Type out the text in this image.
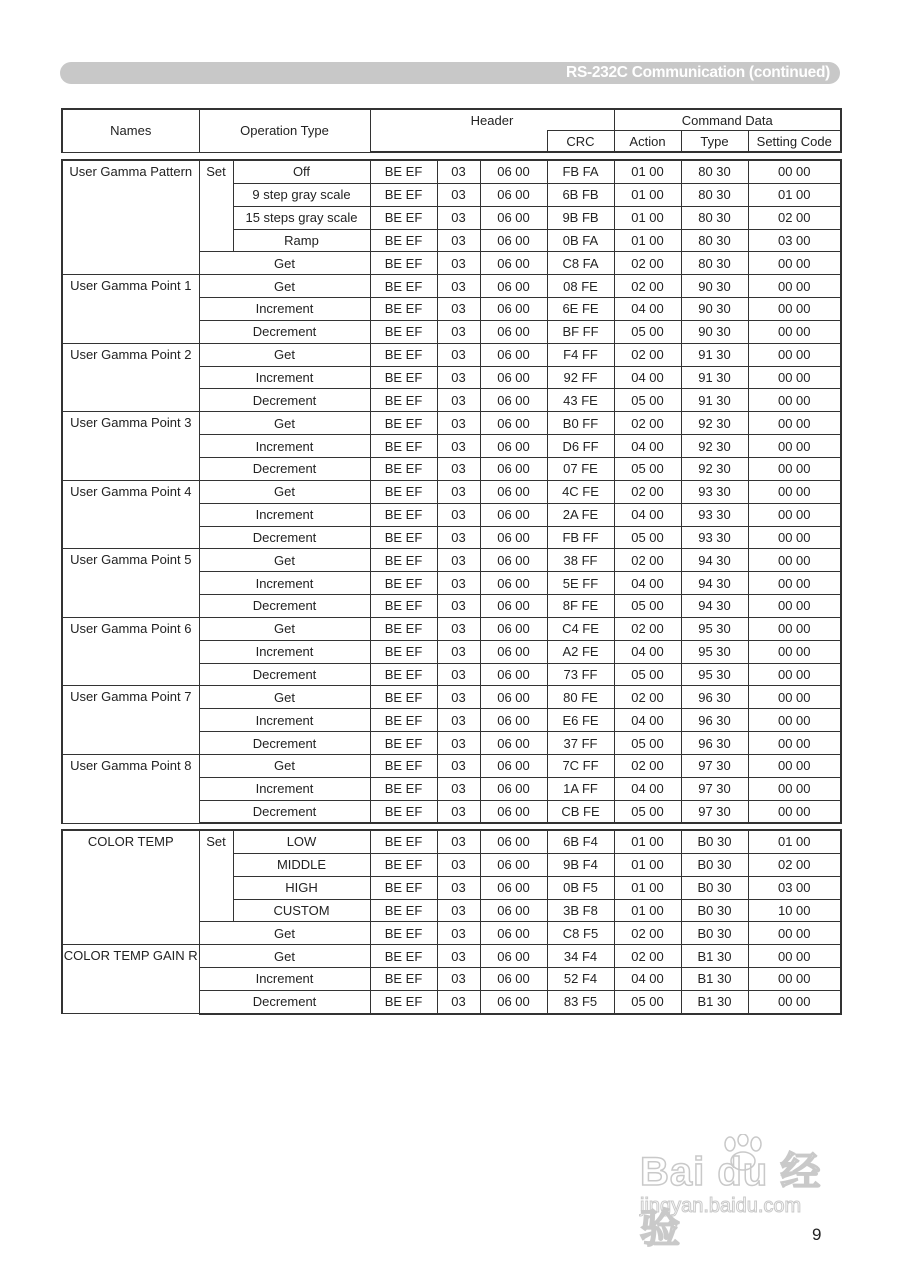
RS-232C Communication (continued)
Names	Operation Type	Header		Command Data		
			CRC	Action	Type	Setting Code
User Gamma Pattern	Set	Off	BE EF	03	06 00	FB FA	01 00	80 30	00 00
		9 step gray scale	BE EF	03	06 00	6B FB	01 00	80 30	01 00
		15 steps gray scale	BE EF	03	06 00	9B FB	01 00	80 30	02 00
		Ramp	BE EF	03	06 00	0B FA	01 00	80 30	03 00
	Get		BE EF	03	06 00	C8 FA	02 00	80 30	00 00
User Gamma Point 1	Get		BE EF	03	06 00	08 FE	02 00	90 30	00 00
	Increment		BE EF	03	06 00	6E FE	04 00	90 30	00 00
	Decrement		BE EF	03	06 00	BF FF	05 00	90 30	00 00
User Gamma Point 2	Get		BE EF	03	06 00	F4 FF	02 00	91 30	00 00
	Increment		BE EF	03	06 00	92 FF	04 00	91 30	00 00
	Decrement		BE EF	03	06 00	43 FE	05 00	91 30	00 00
User Gamma Point 3	Get		BE EF	03	06 00	B0 FF	02 00	92 30	00 00
	Increment		BE EF	03	06 00	D6 FF	04 00	92 30	00 00
	Decrement		BE EF	03	06 00	07 FE	05 00	92 30	00 00
User Gamma Point 4	Get		BE EF	03	06 00	4C FE	02 00	93 30	00 00
	Increment		BE EF	03	06 00	2A FE	04 00	93 30	00 00
	Decrement		BE EF	03	06 00	FB FF	05 00	93 30	00 00
User Gamma Point 5	Get		BE EF	03	06 00	38 FF	02 00	94 30	00 00
	Increment		BE EF	03	06 00	5E FF	04 00	94 30	00 00
	Decrement		BE EF	03	06 00	8F FE	05 00	94 30	00 00
User Gamma Point 6	Get		BE EF	03	06 00	C4 FE	02 00	95 30	00 00
	Increment		BE EF	03	06 00	A2 FE	04 00	95 30	00 00
	Decrement		BE EF	03	06 00	73 FF	05 00	95 30	00 00
User Gamma Point 7	Get		BE EF	03	06 00	80 FE	02 00	96 30	00 00
	Increment		BE EF	03	06 00	E6 FE	04 00	96 30	00 00
	Decrement		BE EF	03	06 00	37 FF	05 00	96 30	00 00
User Gamma Point 8	Get		BE EF	03	06 00	7C FF	02 00	97 30	00 00
	Increment		BE EF	03	06 00	1A FF	04 00	97 30	00 00
	Decrement		BE EF	03	06 00	CB FE	05 00	97 30	00 00
COLOR TEMP	Set	LOW	BE EF	03	06 00	6B F4	01 00	B0 30	01 00
		MIDDLE	BE EF	03	06 00	9B F4	01 00	B0 30	02 00
		HIGH	BE EF	03	06 00	0B F5	01 00	B0 30	03 00
		CUSTOM	BE EF	03	06 00	3B F8	01 00	B0 30	10 00
	Get		BE EF	03	06 00	C8 F5	02 00	B0 30	00 00
COLOR TEMP GAIN R	Get		BE EF	03	06 00	34 F4	02 00	B1 30	00 00
	Increment		BE EF	03	06 00	52 F4	04 00	B1 30	00 00
	Decrement		BE EF	03	06 00	83 F5	05 00	B1 30	00 00
Bai du 经验
jingyan.baidu.com
9
